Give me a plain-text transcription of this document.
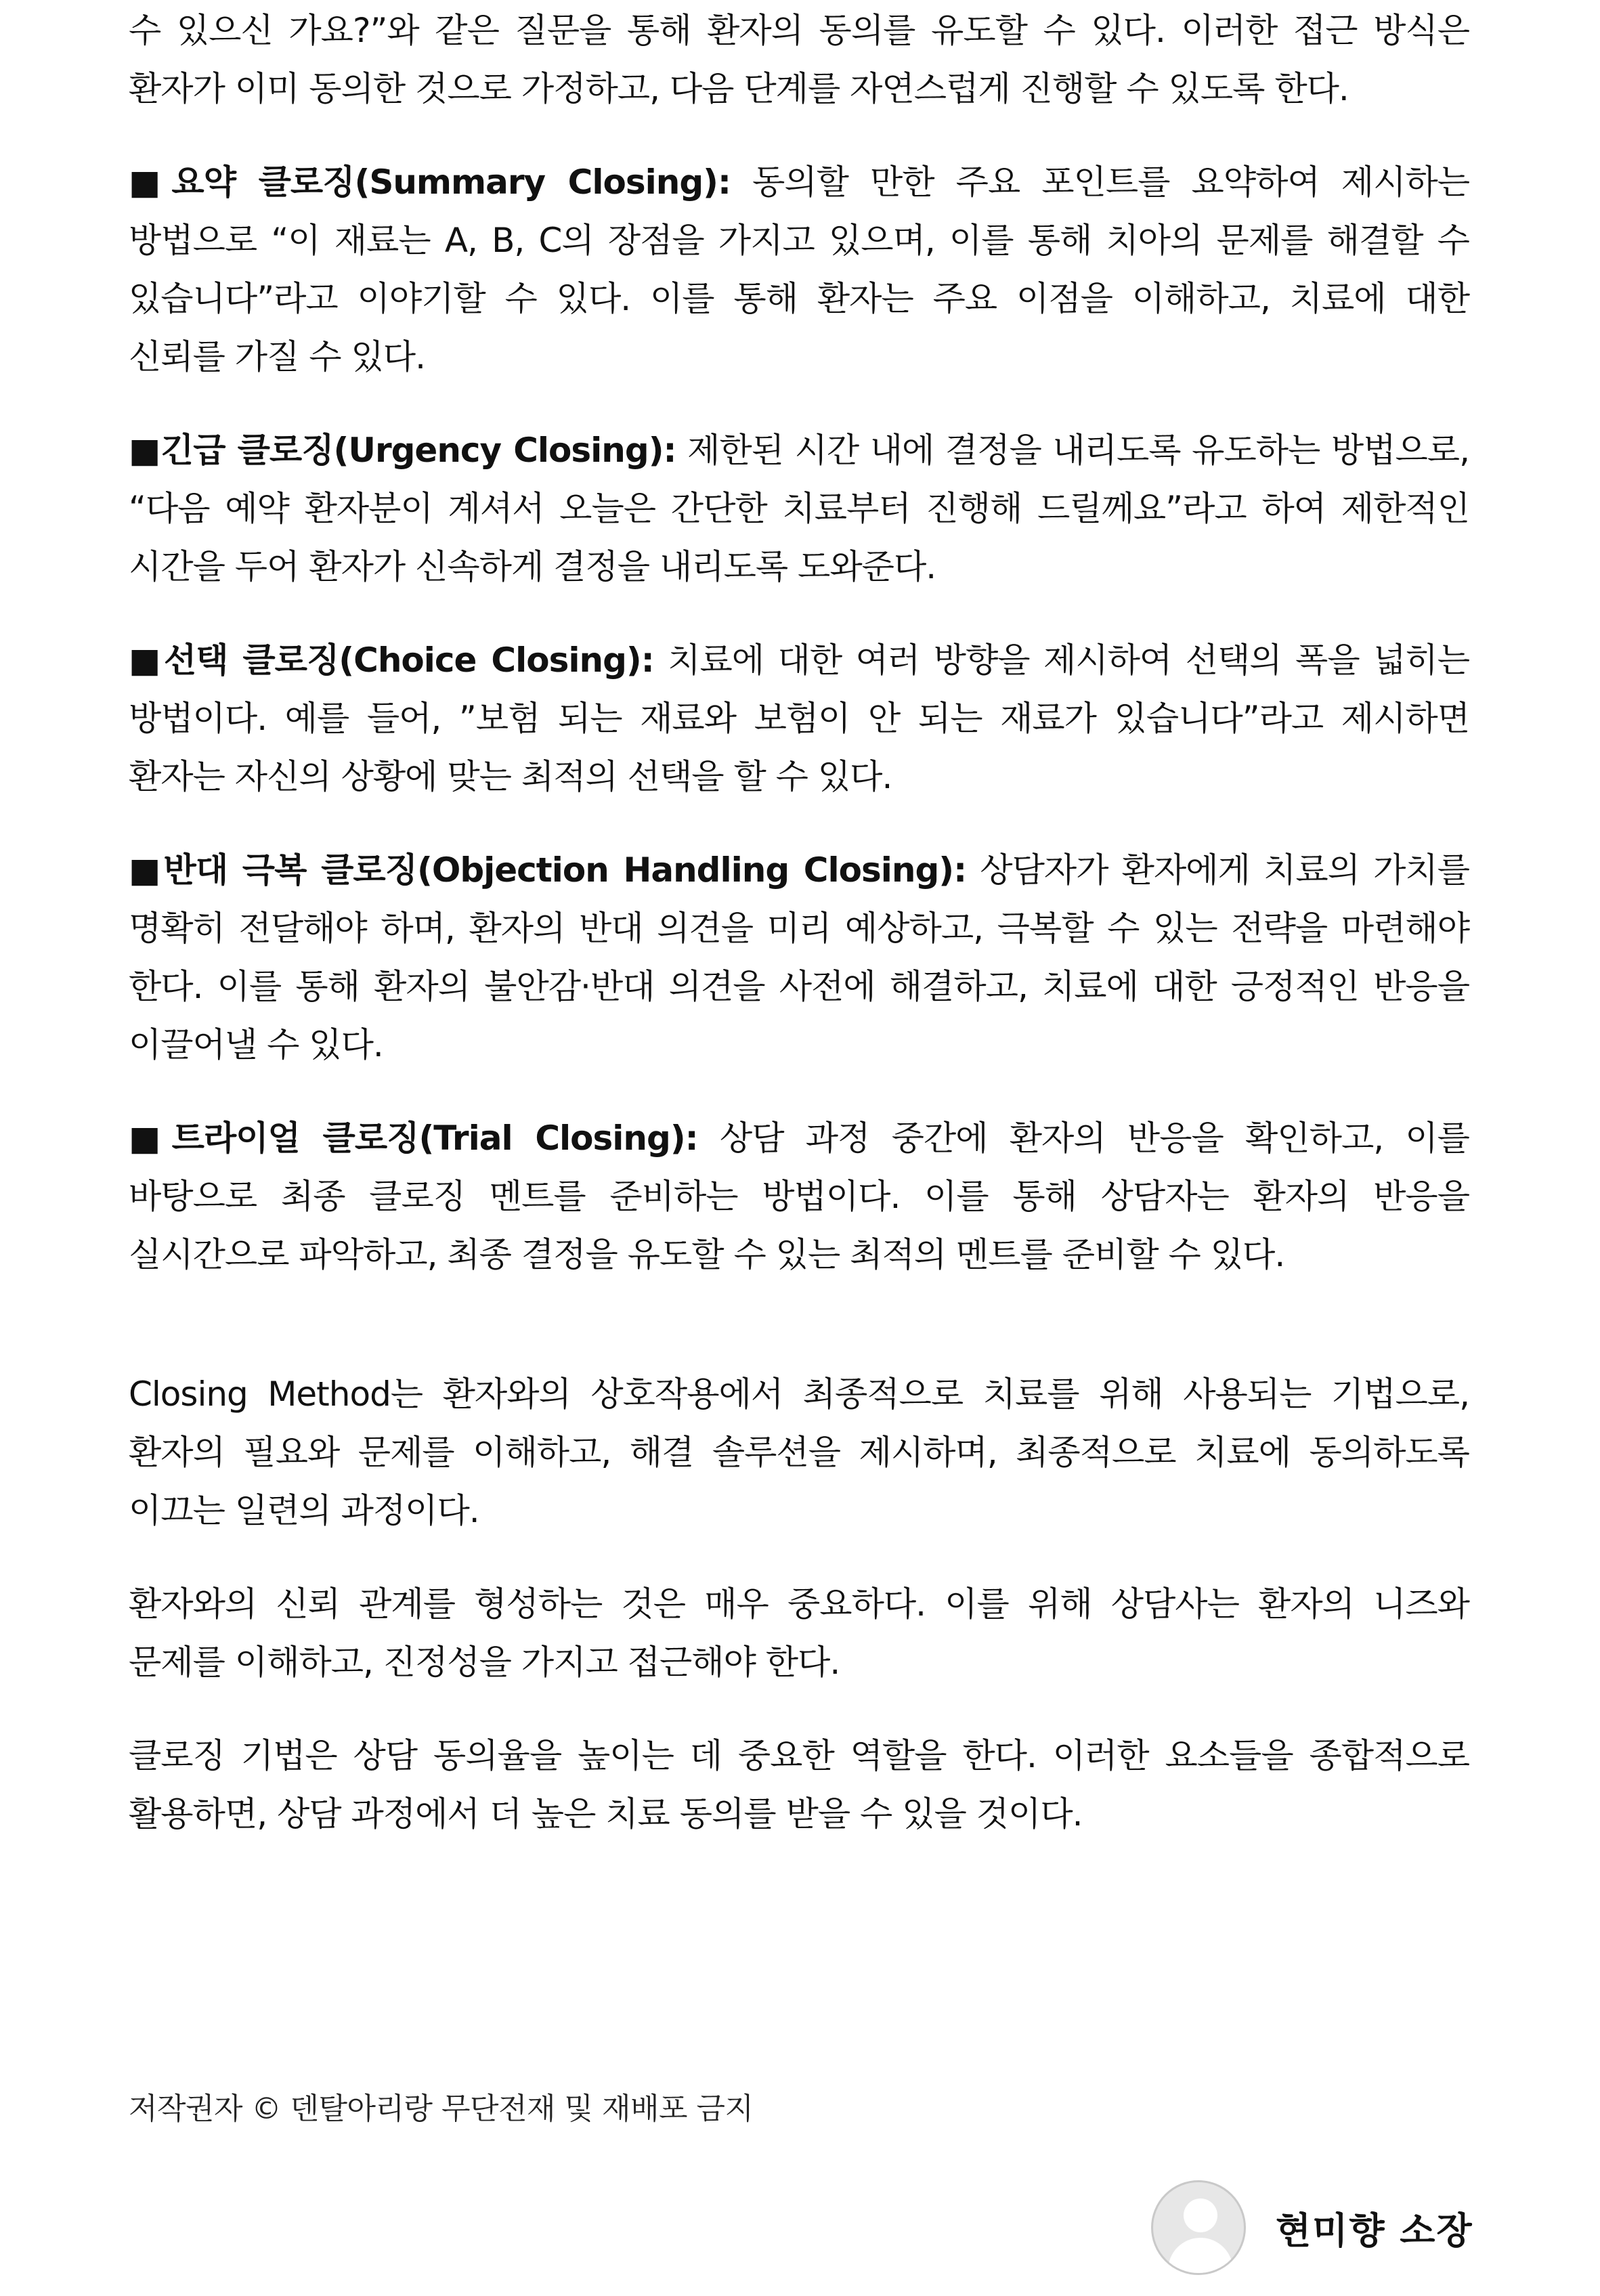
수 있으신 가요?”와 같은 질문을 통해 환자의 동의를 유도할 수 있다. 이러한 접근 방식은 환자가 이미 동의한 것으로 가정하고, 다음 단계를 자연스럽게 진행할 수 있도록 한다.

■요약 클로징(Summary Closing): 동의할 만한 주요 포인트를 요약하여 제시하는 방법으로 “이 재료는 A, B, C의 장점을 가지고 있으며, 이를 통해 치아의 문제를 해결할 수 있습니다”라고 이야기할 수 있다. 이를 통해 환자는 주요 이점을 이해하고, 치료에 대한 신뢰를 가질 수 있다.

■긴급 클로징(Urgency Closing): 제한된 시간 내에 결정을 내리도록 유도하는 방법으로, “다음 예약 환자분이 계셔서 오늘은 간단한 치료부터 진행해 드릴께요”라고 하여 제한적인 시간을 두어 환자가 신속하게 결정을 내리도록 도와준다.

■선택 클로징(Choice Closing): 치료에 대한 여러 방향을 제시하여 선택의 폭을 넓히는 방법이다. 예를 들어, ”보험 되는 재료와 보험이 안 되는 재료가 있습니다”라고 제시하면 환자는 자신의 상황에 맞는 최적의 선택을 할 수 있다.

■반대 극복 클로징(Objection Handling Closing): 상담자가 환자에게 치료의 가치를 명확히 전달해야 하며, 환자의 반대 의견을 미리 예상하고, 극복할 수 있는 전략을 마련해야 한다. 이를 통해 환자의 불안감·반대 의견을 사전에 해결하고, 치료에 대한 긍정적인 반응을 이끌어낼 수 있다.

■트라이얼 클로징(Trial Closing): 상담 과정 중간에 환자의 반응을 확인하고, 이를 바탕으로 최종 클로징 멘트를 준비하는 방법이다. 이를 통해 상담자는 환자의 반응을 실시간으로 파악하고, 최종 결정을 유도할 수 있는 최적의 멘트를 준비할 수 있다.

Closing Method는 환자와의 상호작용에서 최종적으로 치료를 위해 사용되는 기법으로, 환자의 필요와 문제를 이해하고, 해결 솔루션을 제시하며, 최종적으로 치료에 동의하도록 이끄는 일련의 과정이다.

환자와의 신뢰 관계를 형성하는 것은 매우 중요하다. 이를 위해 상담사는 환자의 니즈와 문제를 이해하고, 진정성을 가지고 접근해야 한다.

클로징 기법은 상담 동의율을 높이는 데 중요한 역할을 한다. 이러한 요소들을 종합적으로 활용하면, 상담 과정에서 더 높은 치료 동의를 받을 수 있을 것이다.

저작권자 © 덴탈아리랑 무단전재 및 재배포 금지
현미향 소장
